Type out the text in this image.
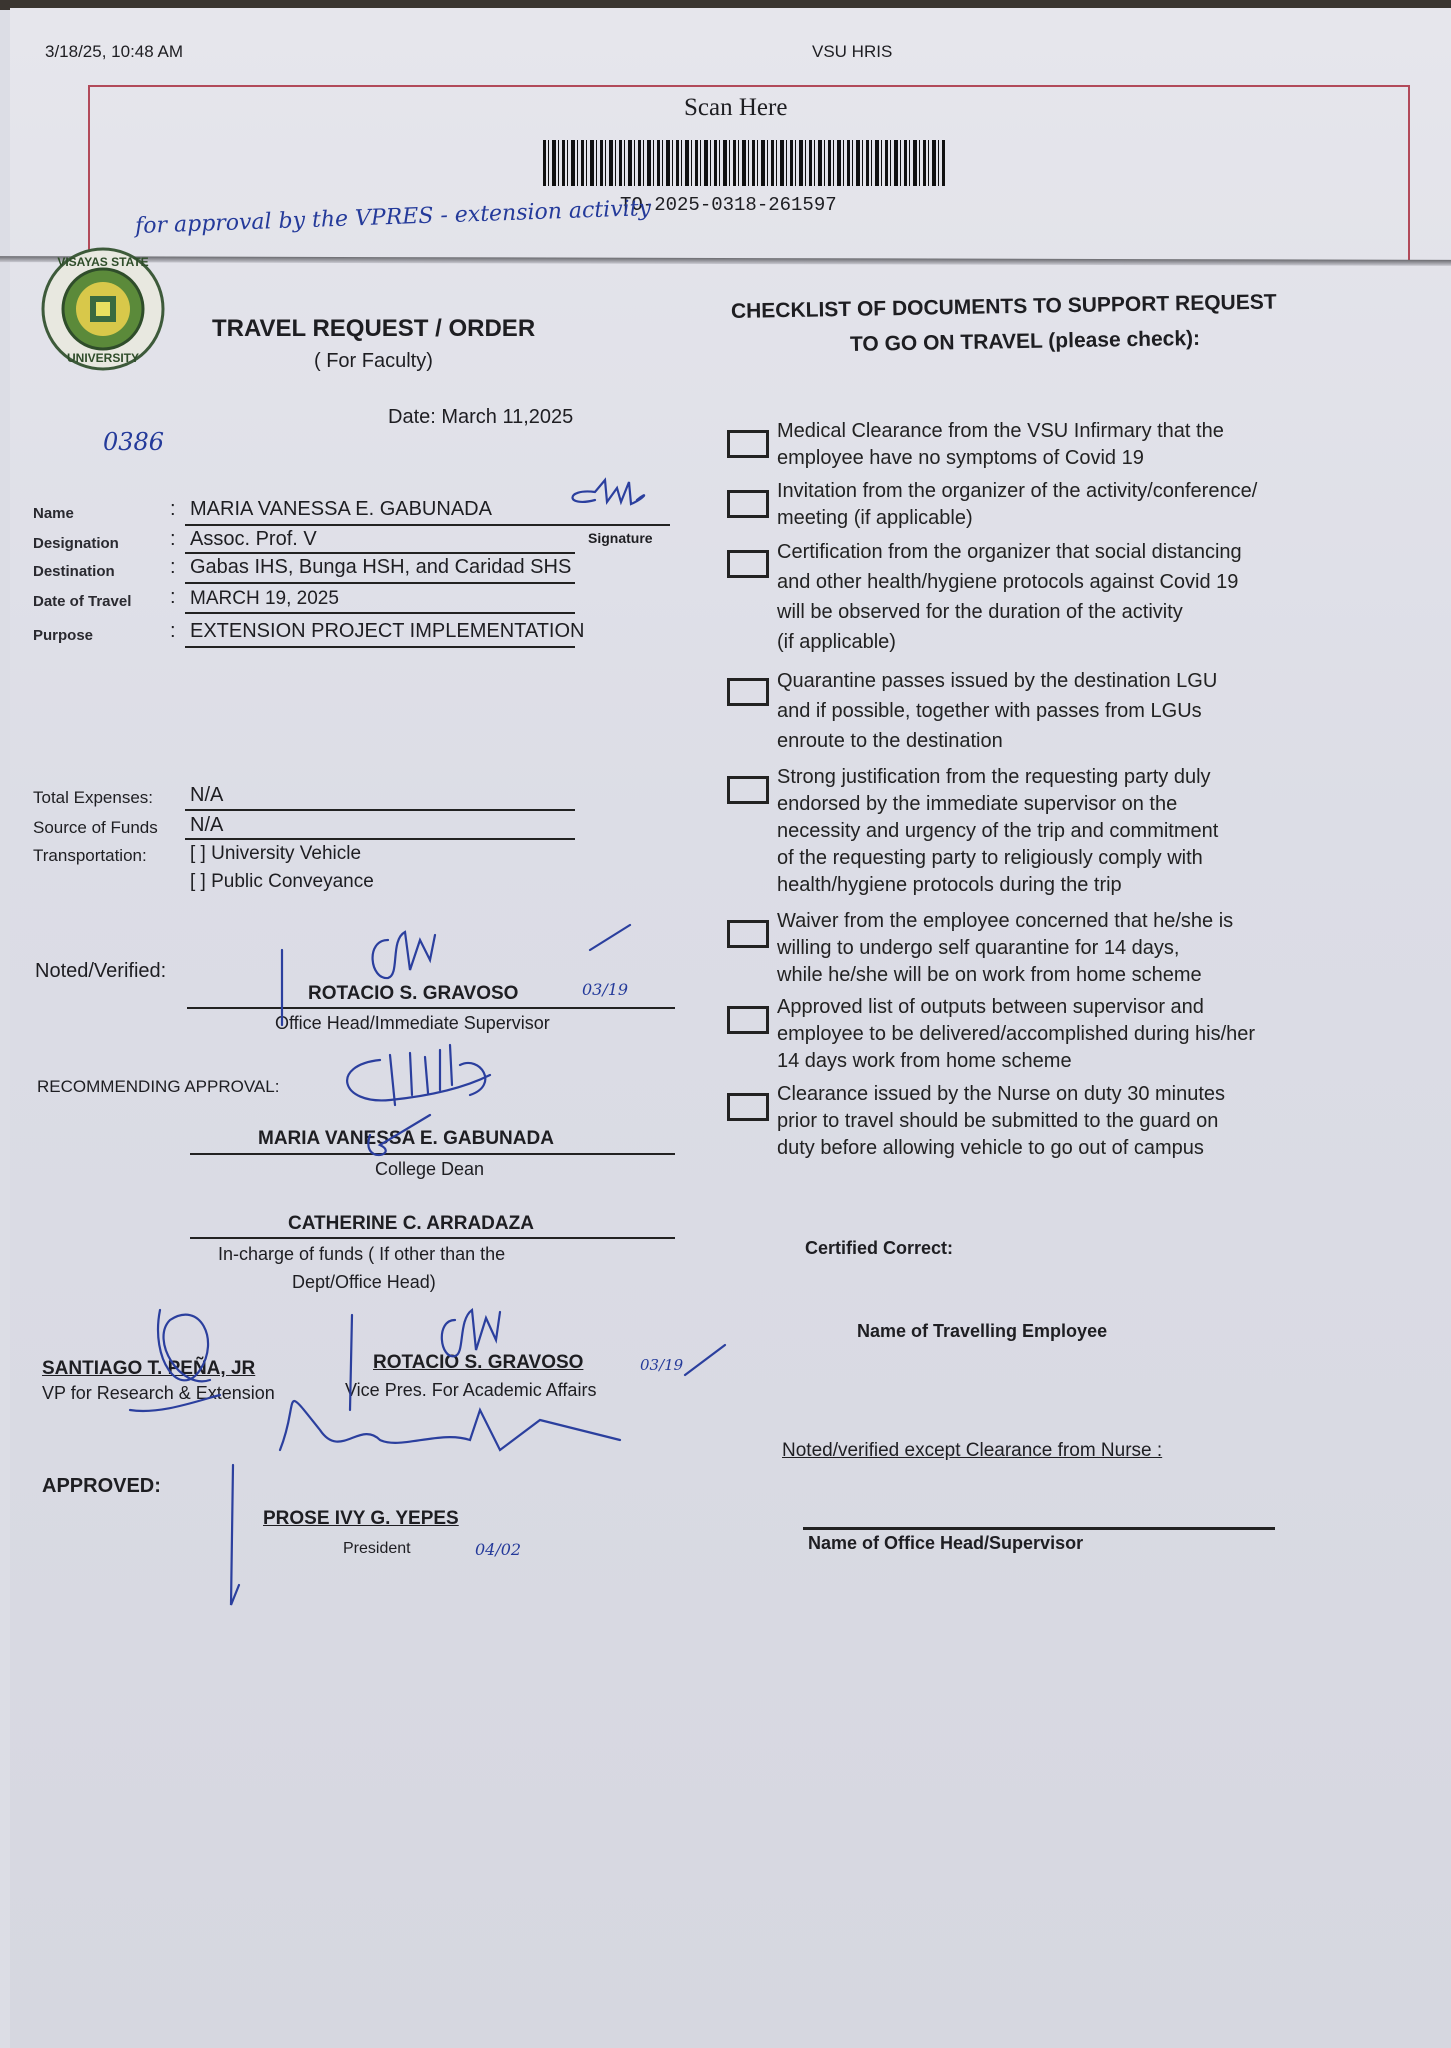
3/18/25, 10:48 AM	VSU HRIS
Scan Here
TO-2025-0318-261597
for approval by the VPRES - extension activity
VISAYAS STATE
UNIVERSITY
TRAVEL REQUEST / ORDER
( For Faculty)
Date: March 11,2025
0386
Name	: MARIA VANESSA E. GABUNADA
Signature
Designation	: Assoc. Prof. V
Destination	: Gabas IHS, Bunga HSH, and Caridad SHS
Date of Travel : MARCH 19, 2025
Purpose	: EXTENSION PROJECT IMPLEMENTATION
Total Expenses: N/A
Source of Funds N/A
Transportation: [ ] University Vehicle
[ ] Public Conveyance
Noted/Verified:
ROTACIO S. GRAVOSO
Office Head/Immediate Supervisor
03/19
RECOMMENDING APPROVAL:
MARIA VANESSA E. GABUNADA
College Dean
CATHERINE C. ARRADAZA
In-charge of funds ( If other than the
Dept/Office Head)
SANTIAGO T. PEÑA, JR
VP for Research & Extension
ROTACIO S. GRAVOSO
Vice Pres. For Academic Affairs
03/19
APPROVED:
PROSE IVY G. YEPES
President	04/02
CHECKLIST OF DOCUMENTS TO SUPPORT REQUEST
TO GO ON TRAVEL (please check):
Medical Clearance from the VSU Infirmary that the
employee have no symptoms of Covid 19
Invitation from the organizer of the activity/conference/
meeting (if applicable)
Certification from the organizer that social distancing
and other health/hygiene protocols against Covid 19
will be observed for the duration of the activity
(if applicable)
Quarantine passes issued by the destination LGU
and if possible, together with passes from LGUs
enroute to the destination
Strong justification from the requesting party duly
endorsed by the immediate supervisor on the
necessity and urgency of the trip and commitment
of the requesting party to religiously comply with
health/hygiene protocols during the trip
Waiver from the employee concerned that he/she is
willing to undergo self quarantine for 14 days,
while he/she will be on work from home scheme
Approved list of outputs between supervisor and
employee to be delivered/accomplished during his/her
14 days work from home scheme
Clearance issued by the Nurse on duty 30 minutes
prior to travel should be submitted to the guard on
duty before allowing vehicle to go out of campus
Certified Correct:
Name of Travelling Employee
Noted/verified except Clearance from Nurse :
Name of Office Head/Supervisor
